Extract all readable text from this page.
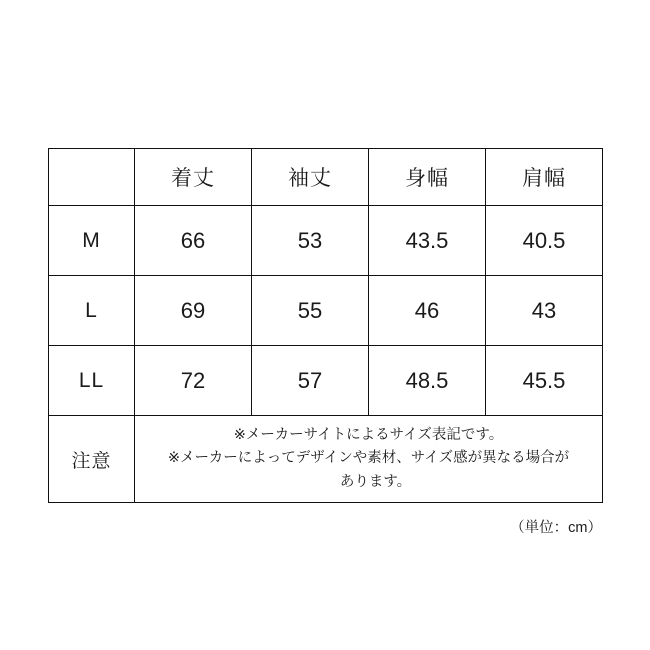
	着丈	袖丈	身幅	肩幅
M	66	53	43.5	40.5
L	69	55	46	43
LL	72	57	48.5	45.5
注意	※メーカーサイトによるサイズ表記です。
※メーカーによってデザインや素材、サイズ感が異なる場合が
あります。			
（単位：cm）
